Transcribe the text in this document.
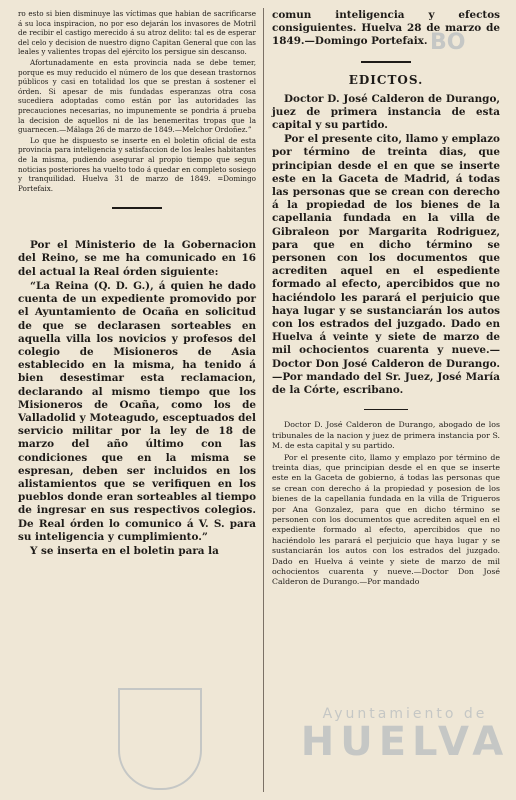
BO

ro esto si bien disminuye las víctimas que habian de sacrificarse á su loca inspiracion, no por eso dejarán los invasores de Motril de recibir el castigo merecido á su atroz delito: tal es de esperar del celo y decision de nuestro digno Capitan General que con las leales y valientes tropas del ejército los persigue sin descanso.

Afortunadamente en esta provincia nada se debe temer, porque es muy reducido el número de los que desean trastornos públicos y casi en totalidad los que se prestan á sostener el órden. Si apesar de mis fundadas esperanzas otra cosa sucediera adoptadas como están por las autoridades las precauciones necesarias, no impunemente se pondria á prueba la decision de aquellos ni de las benemeritas tropas que la guarnecen.—Málaga 26 de marzo de 1849.—Melchor Ordoñez.”

Lo que he dispuesto se inserte en el boletin oficial de esta provincia para inteligencia y satisfaccion de los leales habitantes de la misma, pudiendo asegurar al propio tiempo que segun noticias posteriores ha vuelto todo á quedar en completo sosiego y tranquilidad. Huelva 31 de marzo de 1849. =Domingo Portefaix.

Por el Ministerio de la Gobernacion del Reino, se me ha comunicado en 16 del actual la Real órden siguiente:

“La Reina (Q. D. G.), á quien he dado cuenta de un expediente promovido por el Ayuntamiento de Ocaña en solicitud de que se declarasen sorteables en aquella villa los novicios y profesos del colegio de Misioneros de Asia establecido en la misma, ha tenido á bien desestimar esta reclamacion, declarando al mismo tiempo que los Misioneros de Ocaña, como los de Valladolid y Moteagudo, esceptuados del servicio militar por la ley de 18 de marzo del año último con las condiciones que en la misma se espresan, deben ser incluidos en los alistamientos que se verifiquen en los pueblos donde eran sorteables al tiempo de ingresar en sus respectivos colegios. De Real órden lo comunico á V. S. para su inteligencia y cumplimiento.”

Y se inserta en el boletin para la

comun inteligencia y efectos consiguientes. Huelva 28 de marzo de 1849.—Domingo Portefaix.

EDICTOS.

Doctor D. José Calderon de Durango, juez de primera instancia de esta capital y su partido.

Por el presente cito, llamo y emplazo por término de treinta dias, que principian desde el en que se inserte este en la Gaceta de Madrid, á todas las personas que se crean con derecho á la propiedad de los bienes de la capellania fundada en la villa de Gibraleon por Margarita Rodriguez, para que en dicho término se personen con los documentos que acrediten aquel en el espediente formado al efecto, apercibidos que no haciéndolo les parará el perjuicio que haya lugar y se sustanciarán los autos con los estrados del juzgado. Dado en Huelva á veinte y siete de marzo de mil ochocientos cuarenta y nueve.—Doctor Don José Calderon de Durango.—Por mandado del Sr. Juez, José María de la Córte, escribano.

Doctor D. José Calderon de Durango, abogado de los tribunales de la nacion y juez de primera instancia por S. M. de esta capital y su partido.

Por el presente cito, llamo y emplazo por término de treinta dias, que principian desde el en que se inserte este en la Gaceta de gobierno, á todas las personas que se crean con derecho á la propiedad y posesion de los bienes de la capellania fundada en la villa de Trigueros por Ana Gonzalez, para que en dicho término se personen con los documentos que acrediten aquel en el expediente formado al efecto, apercibidos que no haciéndolo les parará el perjuicio que haya lugar y se sustanciarán los autos con los estrados del juzgado. Dado en Huelva á veinte y siete de marzo de mil ochocientos cuarenta y nueve.—Doctor Don José Calderon de Durango.—Por mandado

Ayuntamiento de
HUELVA
